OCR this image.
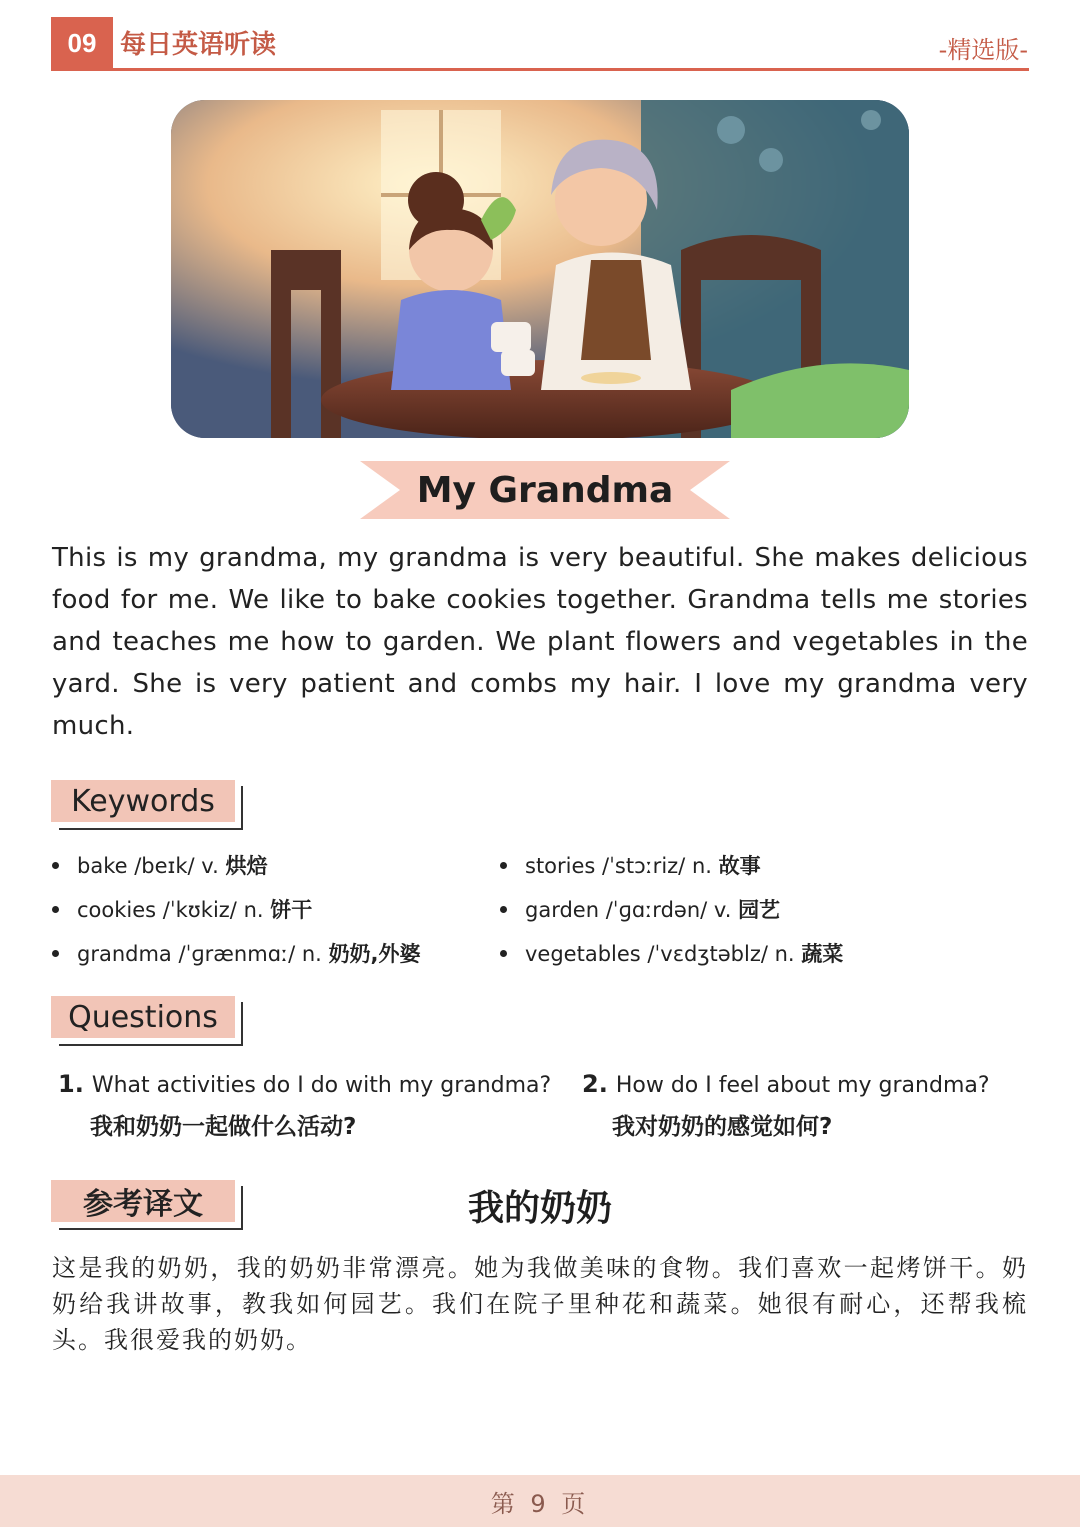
09 每日英语听读	-精选版-
My Grandma
This is my grandma, my grandma is very beautiful. She makes delicious food for me. We like to bake cookies together. Grandma tells me stories and teaches me how to garden. We plant flowers and vegetables in the yard. She is very patient and combs my hair. I love my grandma very much.
Keywords
bake /beɪk/ v. 烘焙	stories /ˈstɔːriz/ n. 故事
cookies /ˈkʊkiz/ n. 饼干	garden /ˈɡɑːrdən/ v. 园艺
grandma /ˈɡrænmɑː/ n. 奶奶,外婆	vegetables /ˈvɛdʒtəblz/ n. 蔬菜
Questions
1. What activities do I do with my grandma?
我和奶奶一起做什么活动?
2. How do I feel about my grandma?
我对奶奶的感觉如何?
参考译文	我的奶奶
这是我的奶奶，我的奶奶非常漂亮。她为我做美味的食物。我们喜欢一起烤饼干。奶奶给我讲故事，教我如何园艺。我们在院子里种花和蔬菜。她很有耐心，还帮我梳头。我很爱我的奶奶。
第 9 页
